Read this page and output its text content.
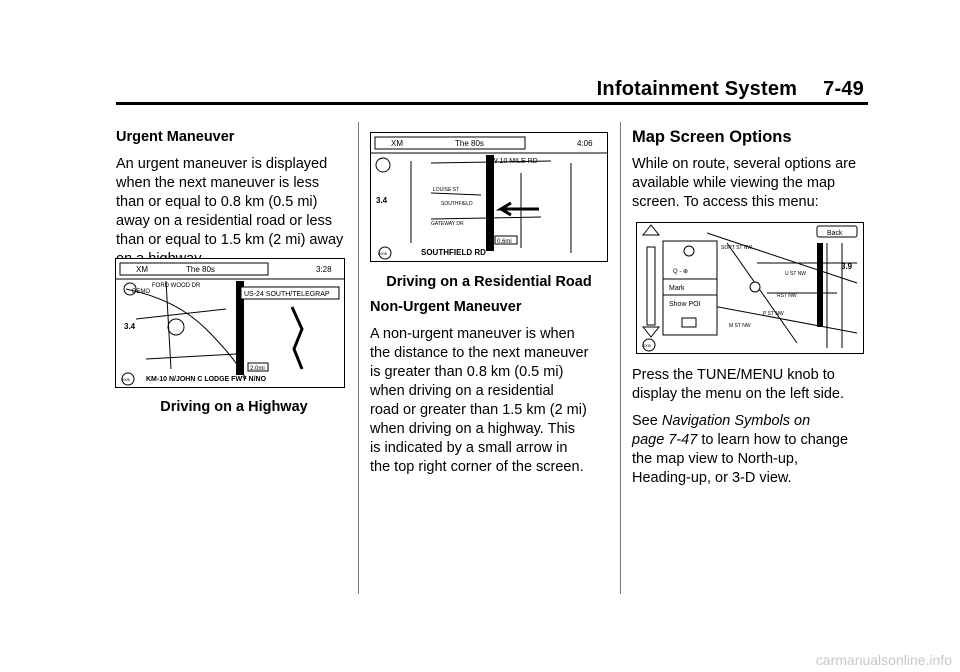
Infotainment System 7-49

Urgent Maneuver

An urgent maneuver is displayed

when the next maneuver is less

than or equal to 0.8 km (0.5 mi)

away on a residential road or less

than or equal to 1.5 km (2 mi) away

XM	The 80s	3:28
US-24 SOUTH/TELEGRAP
DEMO
FORD WOOD DR
3.4
2.0mi
KM-10 N/JOHN C LODGE FWY N/NO
2005
Driving on a Highway
XM	The 80s	4:06
W 10 MILE RD
LOUISE ST
SOUTHFIELD
GATEWAY DR
0.6mi
3.4
SOUTHFIELD RD
2005
Driving on a Residential Road

Non-Urgent Maneuver

A non-urgent maneuver is when

the distance to the next maneuver

is greater than 0.8 km (0.5 mi)

when driving on a residential

road or greater than 1.5 km (2 mi)

when driving on a highway. This

is indicated by a small arrow in

the top right corner of the screen.

Map Screen Options

While on route, several options are

available while viewing the map

screen. To access this menu:

Back
Q - ⊕
Mark
Show POI
SORT ST NW
U ST NW
RST NW
P ST NW
M ST NW
3.9
2005

Press the TUNE/MENU knob to

display the menu on the left side.

See Navigation Symbols on

page 7-47 to learn how to change

the map view to North-up,

Heading-up, or 3-D view.

carmanualsonline.info
